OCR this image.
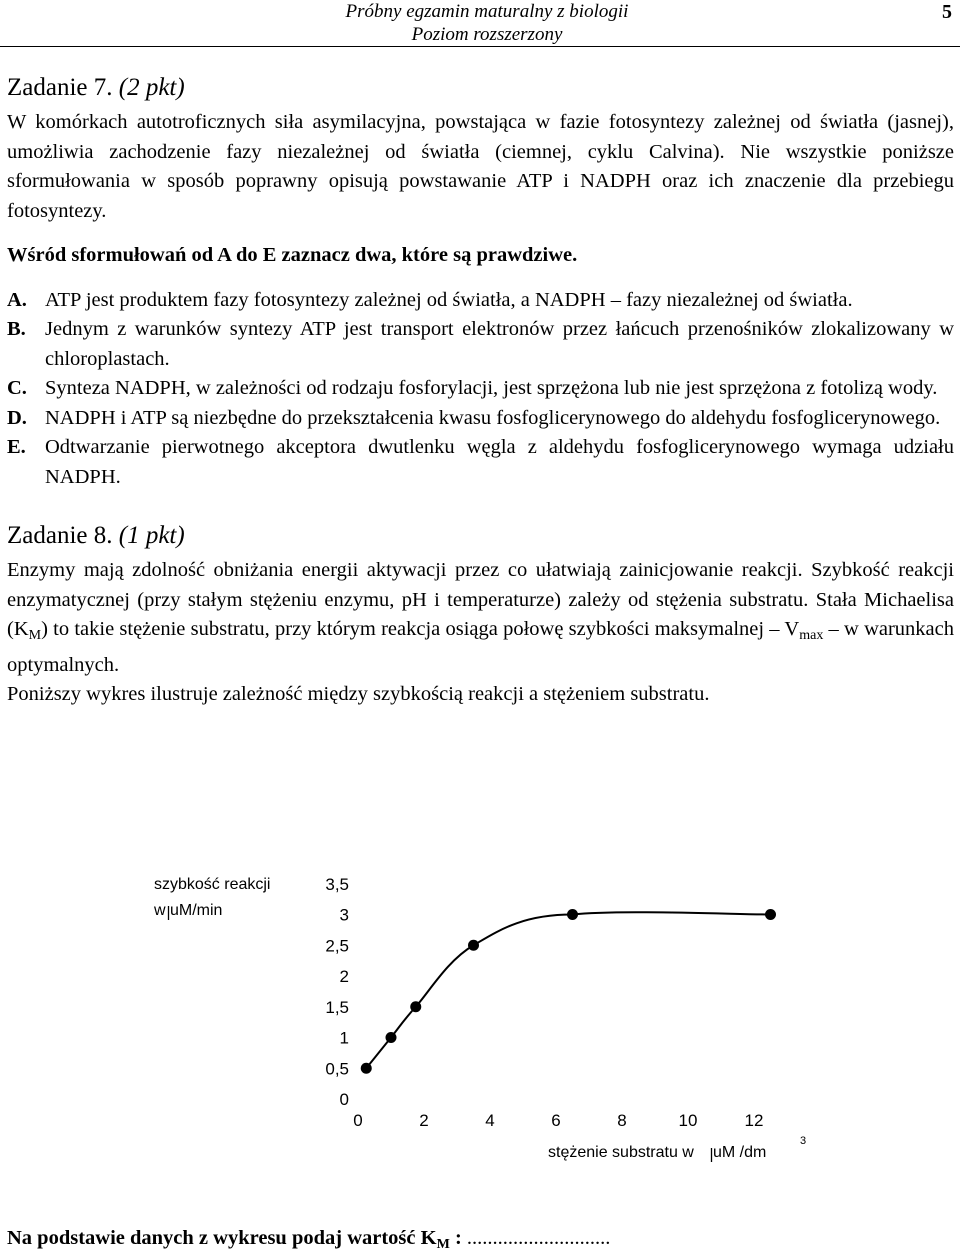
Próbny egzamin maturalny z biologii
Poziom rozszerzony
5
Zadanie 7. (2 pkt)

W komórkach autotroficznych siła asymilacyjna, powstająca w fazie fotosyntezy zależnej od światła (jasnej), umożliwia zachodzenie fazy niezależnej od światła (ciemnej, cyklu Calvina). Nie wszystkie poniższe sformułowania w sposób poprawny opisują powstawanie ATP i NADPH oraz ich znaczenie dla przebiegu fotosyntezy.

Wśród sformułowań od A do E zaznacz dwa, które są prawdziwe.
A. ATP jest produktem fazy fotosyntezy zależnej od światła, a NADPH – fazy niezależnej od światła.
B. Jednym z warunków syntezy ATP jest transport elektronów przez łańcuch przenośników zlokalizowany w chloroplastach.
C. Synteza NADPH, w zależności od rodzaju fosforylacji, jest sprzężona lub nie jest sprzężona z fotolizą wody.
D. NADPH i ATP są niezbędne do przekształcenia kwasu fosfoglicerynowego do aldehydu fosfoglicerynowego.
E. Odtwarzanie pierwotnego akceptora dwutlenku węgla z aldehydu fosfoglicerynowego wymaga udziału NADPH.
Zadanie 8. (1 pkt)

Enzymy mają zdolność obniżania energii aktywacji przez co ułatwiają zainicjowanie reakcji. Szybkość reakcji enzymatycznej (przy stałym stężeniu enzymu, pH i temperaturze) zależy od stężenia substratu. Stała Michaelisa $(K_M)$ to takie stężenie substratu, przy którym reakcja osiąga połowę szybkości maksymalnej – $V_{max}$ – w warunkach optymalnych.

Poniższy wykres ilustruje zależność między szybkością reakcji a stężeniem substratu.

szybkość reakcji
w uM/min
stężenie substratu w uM /dm
3
0
0,5
1
1,5
2
2,5
3
3,5
0	2	4	6	8	10	12
Na podstawie danych z wykresu podaj wartość $K_M$ : ............................
